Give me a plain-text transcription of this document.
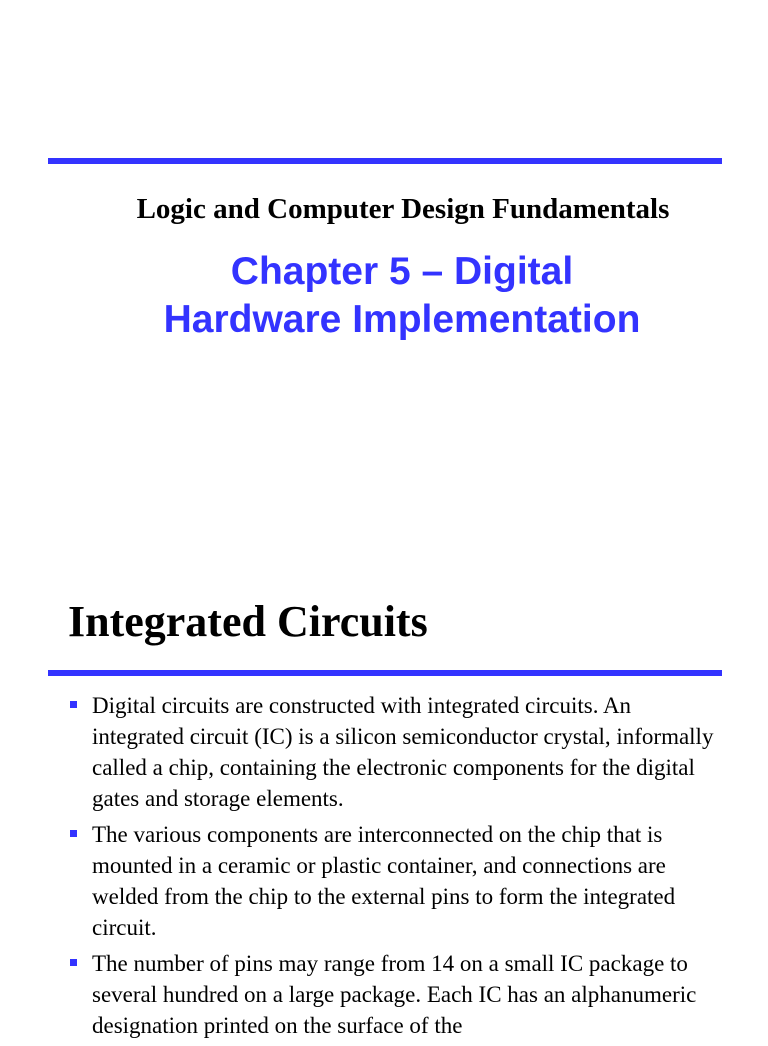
Logic and Computer Design Fundamentals
Chapter 5 – Digital
Hardware Implementation
Integrated Circuits
Digital circuits are constructed with integrated circuits. An integrated circuit (IC) is a silicon semiconductor crystal, informally called a chip, containing the electronic components for the digital gates and storage elements.
The various components are interconnected on the chip that is mounted in a ceramic or plastic container, and connections are welded from the chip to the external pins to form the integrated circuit.
The number of pins may range from 14 on a small IC package to several hundred on a large package. Each IC has an alphanumeric designation printed on the surface of the
